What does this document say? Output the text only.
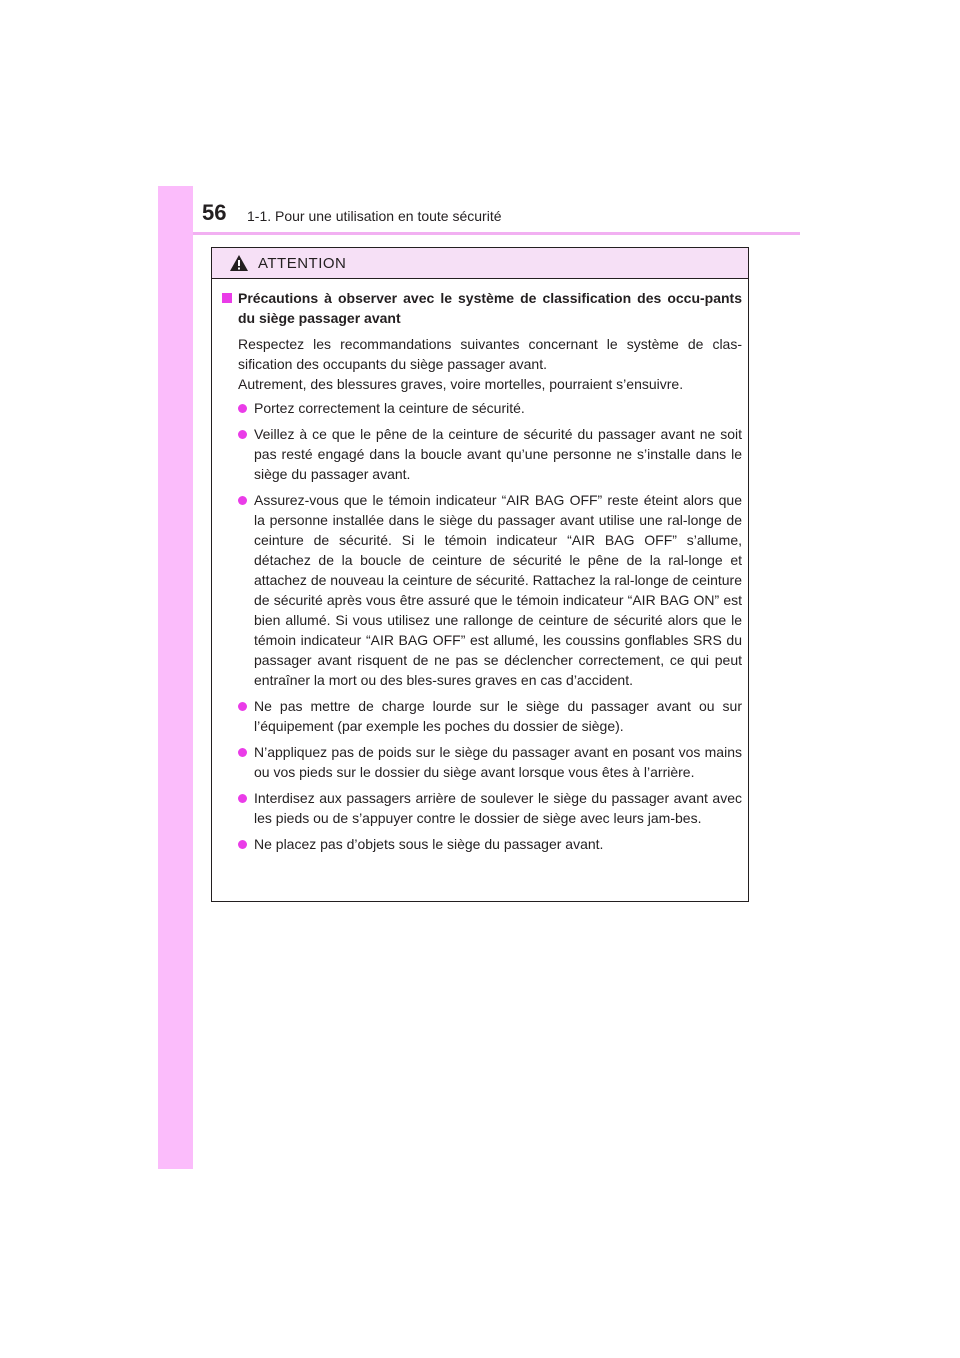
56 1-1. Pour une utilisation en toute sécurité
ATTENTION
Précautions à observer avec le système de classification des occu-pants du siège passager avant

Respectez les recommandations suivantes concernant le système de clas-sification des occupants du siège passager avant.

Autrement, des blessures graves, voire mortelles, pourraient s’ensuivre.

Portez correctement la ceinture de sécurité.
Veillez à ce que le pêne de la ceinture de sécurité du passager avant ne soit pas resté engagé dans la boucle avant qu’une personne ne s’installe dans le siège du passager avant.
Assurez-vous que le témoin indicateur “AIR BAG OFF” reste éteint alors que la personne installée dans le siège du passager avant utilise une ral-longe de ceinture de sécurité. Si le témoin indicateur “AIR BAG OFF” s’allume, détachez de la boucle de ceinture de sécurité le pêne de la ral-longe et attachez de nouveau la ceinture de sécurité. Rattachez la ral-longe de ceinture de sécurité après vous être assuré que le témoin indicateur “AIR BAG ON” est bien allumé. Si vous utilisez une rallonge de ceinture de sécurité alors que le témoin indicateur “AIR BAG OFF” est allumé, les coussins gonflables SRS du passager avant risquent de ne pas se déclencher correctement, ce qui peut entraîner la mort ou des bles-sures graves en cas d’accident.
Ne pas mettre de charge lourde sur le siège du passager avant ou sur l’équipement (par exemple les poches du dossier de siège).
N’appliquez pas de poids sur le siège du passager avant en posant vos mains ou vos pieds sur le dossier du siège avant lorsque vous êtes à l’arrière.
Interdisez aux passagers arrière de soulever le siège du passager avant avec les pieds ou de s’appuyer contre le dossier de siège avec leurs jam-bes.
Ne placez pas d’objets sous le siège du passager avant.
